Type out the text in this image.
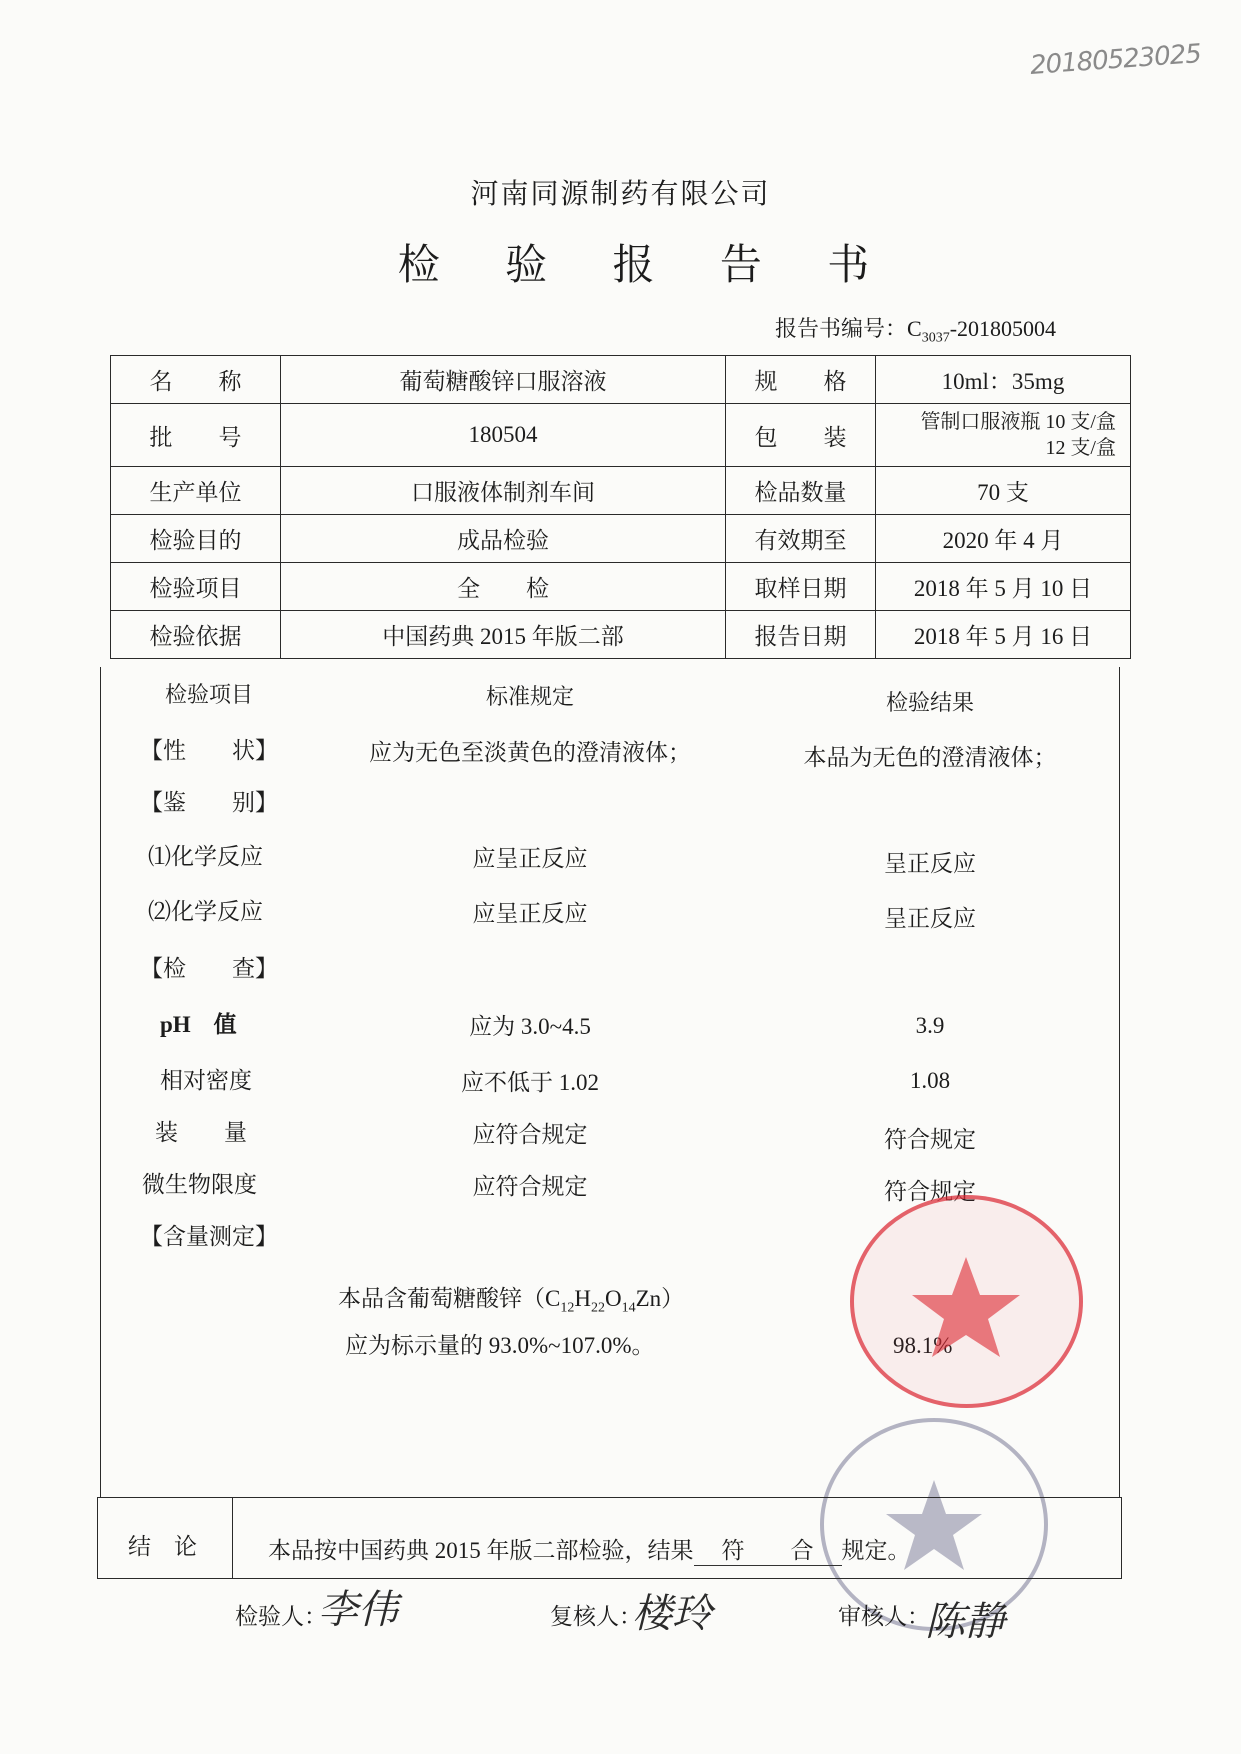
20180523025
河南同源制药有限公司
检 验 报 告 书
报告书编号：$C_{3037}-201805004$
名　　称	葡萄糖酸锌口服溶液	规　　格	10ml：35mg
批　　号	180504	包　　装	管制口服液瓶 10 支/盒
12 支/盒

生产单位	口服液体制剂车间	检品数量	70 支
检验目的	成品检验	有效期至	2020 年 4 月
检验项目	全　　检	取样日期	2018 年 5 月 10 日
检验依据	中国药典 2015 年版二部	报告日期	2018 年 5 月 16 日
检验项目	标准规定	检验结果
【性　　状】	应为无色至淡黄色的澄清液体；	本品为无色的澄清液体；
【鉴　　别】
⑴化学反应	应呈正反应	呈正反应
⑵化学反应	应呈正反应	呈正反应
【检　　查】
pH　值	应为 3.0~4.5	3.9
相对密度	应不低于 1.02	1.08
装　　量	应符合规定	符合规定
微生物限度	应符合规定	符合规定
【含量测定】
本品含葡萄糖酸锌$(C_{12}H_{22}O_{14}Zn)$
应为标示量的 93.0%~107.0%。	98.1%
结　论	本品按中国药典 2015 年版二部检验，结果 符　　合 规定。
检验人：
李伟	复核人：
楼玲	审核人：
陈静
